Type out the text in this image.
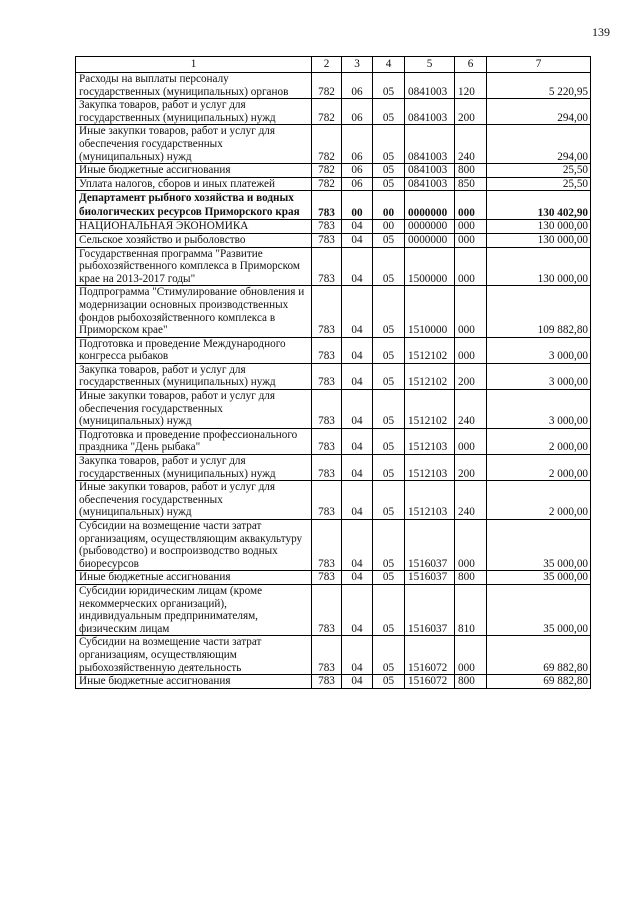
139
1	2	3	4	5	6	7
Расходы на выплаты персоналу государственных (муниципальных) органов	782	06	05	0841003	120	5 220,95
Закупка товаров, работ и услуг для государственных (муниципальных) нужд	782	06	05	0841003	200	294,00
Иные закупки товаров, работ и услуг для обеспечения государственных (муниципальных) нужд	782	06	05	0841003	240	294,00
Иные бюджетные ассигнования	782	06	05	0841003	800	25,50
Уплата налогов, сборов и иных платежей	782	06	05	0841003	850	25,50
Департамент рыбного хозяйства и водных биологических ресурсов Приморского края	783	00	00	0000000	000	130 402,90
НАЦИОНАЛЬНАЯ ЭКОНОМИКА	783	04	00	0000000	000	130 000,00
Сельское хозяйство и рыболовство	783	04	05	0000000	000	130 000,00
Государственная программа "Развитие рыбохозяйственного комплекса в Приморском крае на 2013-2017 годы"	783	04	05	1500000	000	130 000,00
Подпрограмма "Стимулирование обновления и модернизации основных производственных фондов рыбохозяйственного комплекса в Приморском крае"	783	04	05	1510000	000	109 882,80
Подготовка и проведение Международного конгресса рыбаков	783	04	05	1512102	000	3 000,00
Закупка товаров, работ и услуг для государственных (муниципальных) нужд	783	04	05	1512102	200	3 000,00
Иные закупки товаров, работ и услуг для обеспечения государственных (муниципальных) нужд	783	04	05	1512102	240	3 000,00
Подготовка и проведение профессионального праздника "День рыбака"	783	04	05	1512103	000	2 000,00
Закупка товаров, работ и услуг для государственных (муниципальных) нужд	783	04	05	1512103	200	2 000,00
Иные закупки товаров, работ и услуг для обеспечения государственных (муниципальных) нужд	783	04	05	1512103	240	2 000,00
Субсидии на возмещение части затрат организациям, осуществляющим аквакультуру (рыбоводство) и воспроизводство водных биоресурсов	783	04	05	1516037	000	35 000,00
Иные бюджетные ассигнования	783	04	05	1516037	800	35 000,00
Субсидии юридическим лицам (кроме некоммерческих организаций), индивидуальным предпринимателям, физическим лицам	783	04	05	1516037	810	35 000,00
Субсидии на возмещение части затрат организациям, осуществляющим рыбохозяйственную деятельность	783	04	05	1516072	000	69 882,80
Иные бюджетные ассигнования	783	04	05	1516072	800	69 882,80
